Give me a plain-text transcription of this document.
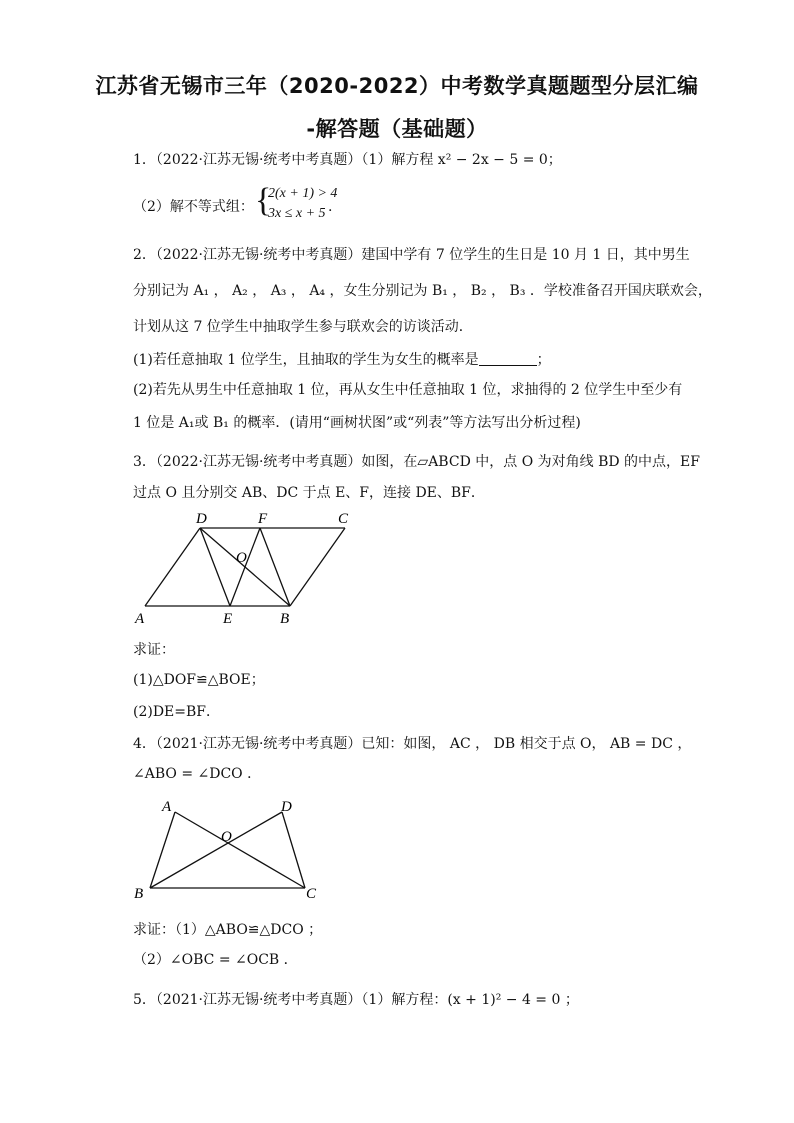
江苏省无锡市三年（2020-2022）中考数学真题题型分层汇编
-解答题（基础题）
1．（2022·江苏无锡·统考中考真题）（1）解方程 x² − 2x − 5 = 0；
（2）解不等式组： {
2(x + 1) > 4
3x ≤ x + 5 .
2．（2022·江苏无锡·统考中考真题）建国中学有 7 位学生的生日是 10 月 1 日，其中男生
分别记为 A₁ ， A₂ ， A₃ ， A₄ ，女生分别记为 B₁ ， B₂ ， B₃ ．学校准备召开国庆联欢会，
计划从这 7 位学生中抽取学生参与联欢会的访谈活动．
(1)若任意抽取 1 位学生，且抽取的学生为女生的概率是	；
(2)若先从男生中任意抽取 1 位，再从女生中任意抽取 1 位，求抽得的 2 位学生中至少有
1 位是 A₁或 B₁ 的概率．(请用“画树状图”或“列表”等方法写出分析过程)
3．（2022·江苏无锡·统考中考真题）如图，在▱ABCD 中，点 O 为对角线 BD 的中点，EF
过点 O 且分别交 AB、DC 于点 E、F，连接 DE、BF．
A	E	B
D	F	C
O
求证：
(1)△DOF≌△BOE；
(2)DE=BF．
4．（2021·江苏无锡·统考中考真题）已知：如图， AC ， DB 相交于点 O， AB = DC ，
∠ABO = ∠DCO ．
A	D
O
B	C
求证：（1）△ABO≌△DCO ；
（2）∠OBC = ∠OCB ．
5．（2021·江苏无锡·统考中考真题）（1）解方程：(x + 1)² − 4 = 0 ；
